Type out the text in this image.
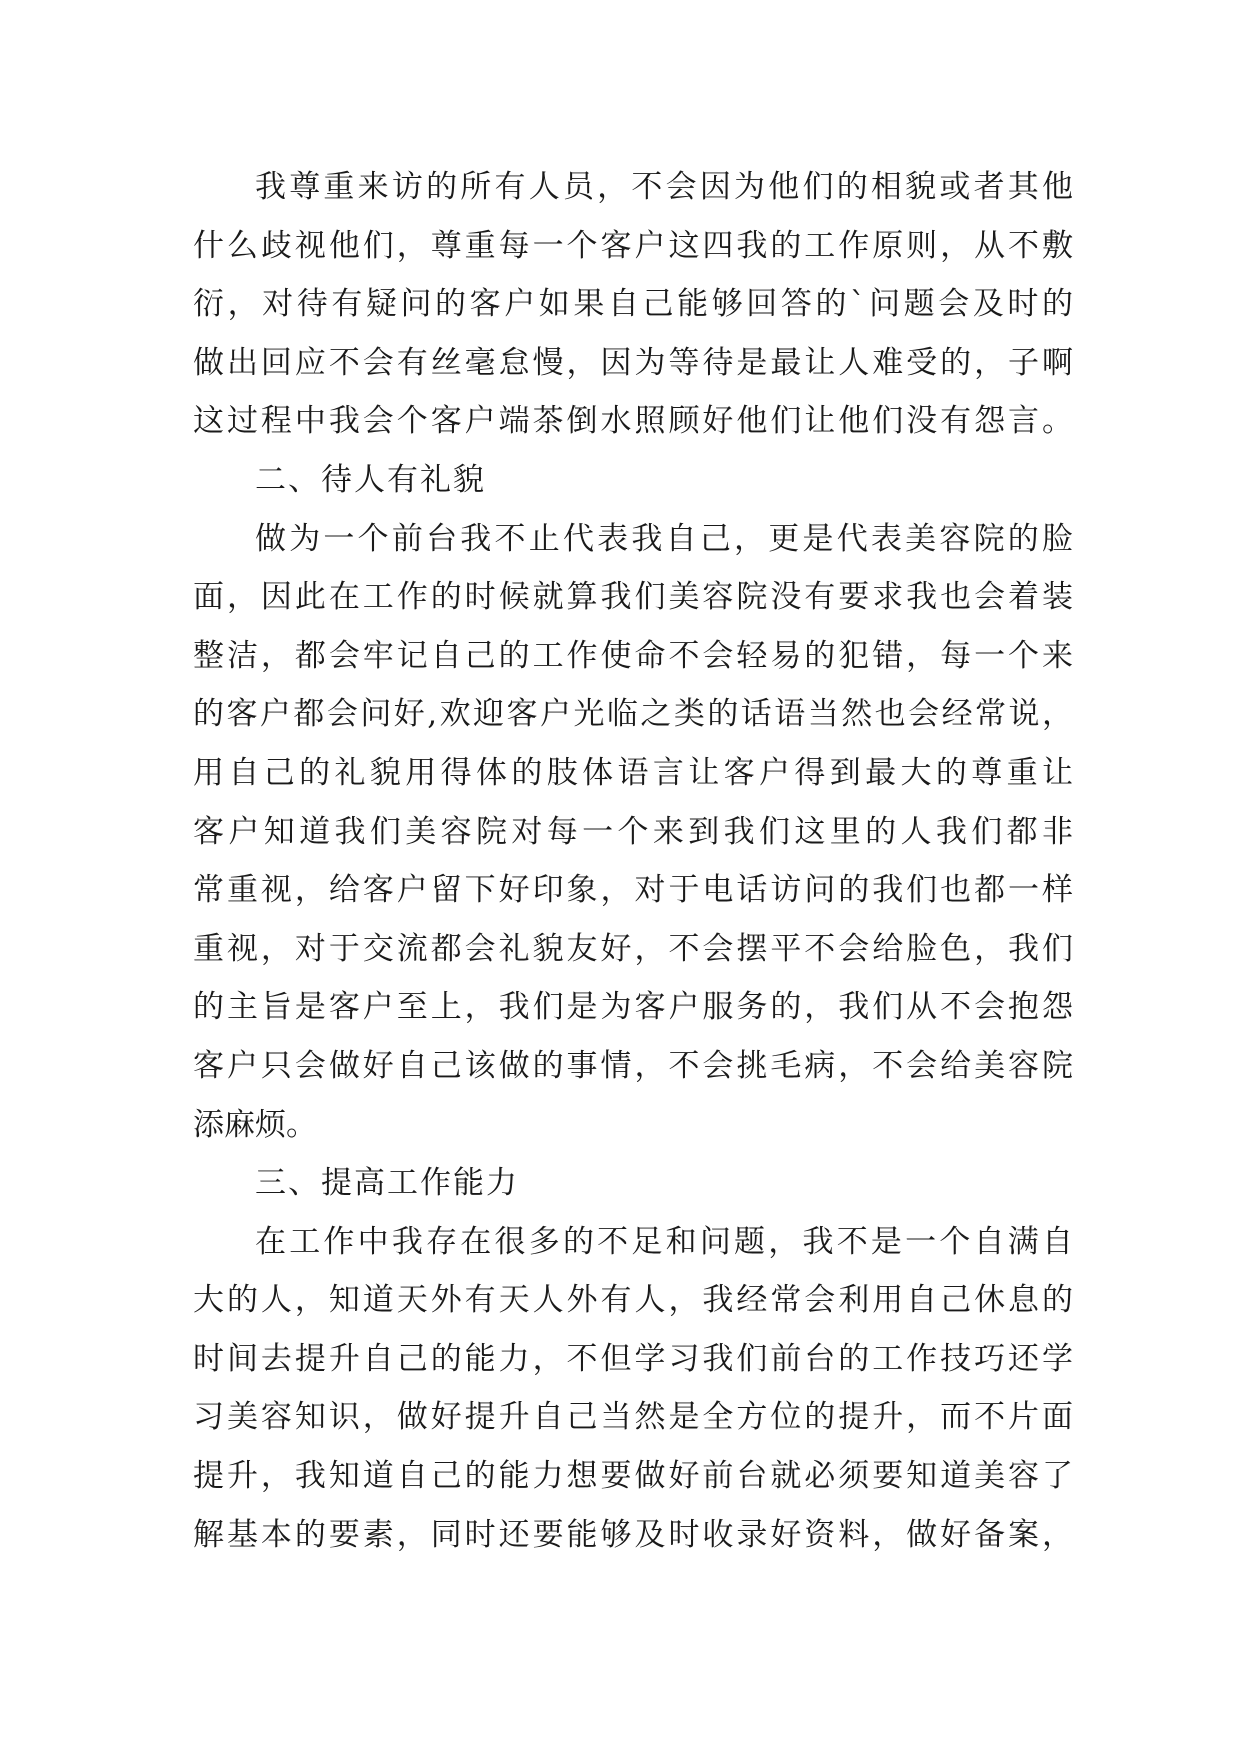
我尊重来访的所有人员，不会因为他们的相貌或者其他
什么歧视他们，尊重每一个客户这四我的工作原则，从不敷
衍，对待有疑问的客户如果自己能够回答的`问题会及时的
做出回应不会有丝毫怠慢，因为等待是最让人难受的，子啊
这过程中我会个客户端茶倒水照顾好他们让他们没有怨言。
二、待人有礼貌
做为一个前台我不止代表我自己，更是代表美容院的脸
面，因此在工作的时候就算我们美容院没有要求我也会着装
整洁，都会牢记自己的工作使命不会轻易的犯错，每一个来
的客户都会问好,欢迎客户光临之类的话语当然也会经常说，
用自己的礼貌用得体的肢体语言让客户得到最大的尊重让
客户知道我们美容院对每一个来到我们这里的人我们都非
常重视，给客户留下好印象，对于电话访问的我们也都一样
重视，对于交流都会礼貌友好，不会摆平不会给脸色，我们
的主旨是客户至上，我们是为客户服务的，我们从不会抱怨
客户只会做好自己该做的事情，不会挑毛病，不会给美容院
添麻烦。
三、提高工作能力
在工作中我存在很多的不足和问题，我不是一个自满自
大的人，知道天外有天人外有人，我经常会利用自己休息的
时间去提升自己的能力，不但学习我们前台的工作技巧还学
习美容知识，做好提升自己当然是全方位的提升，而不片面
提升，我知道自己的能力想要做好前台就必须要知道美容了
解基本的要素，同时还要能够及时收录好资料，做好备案，
